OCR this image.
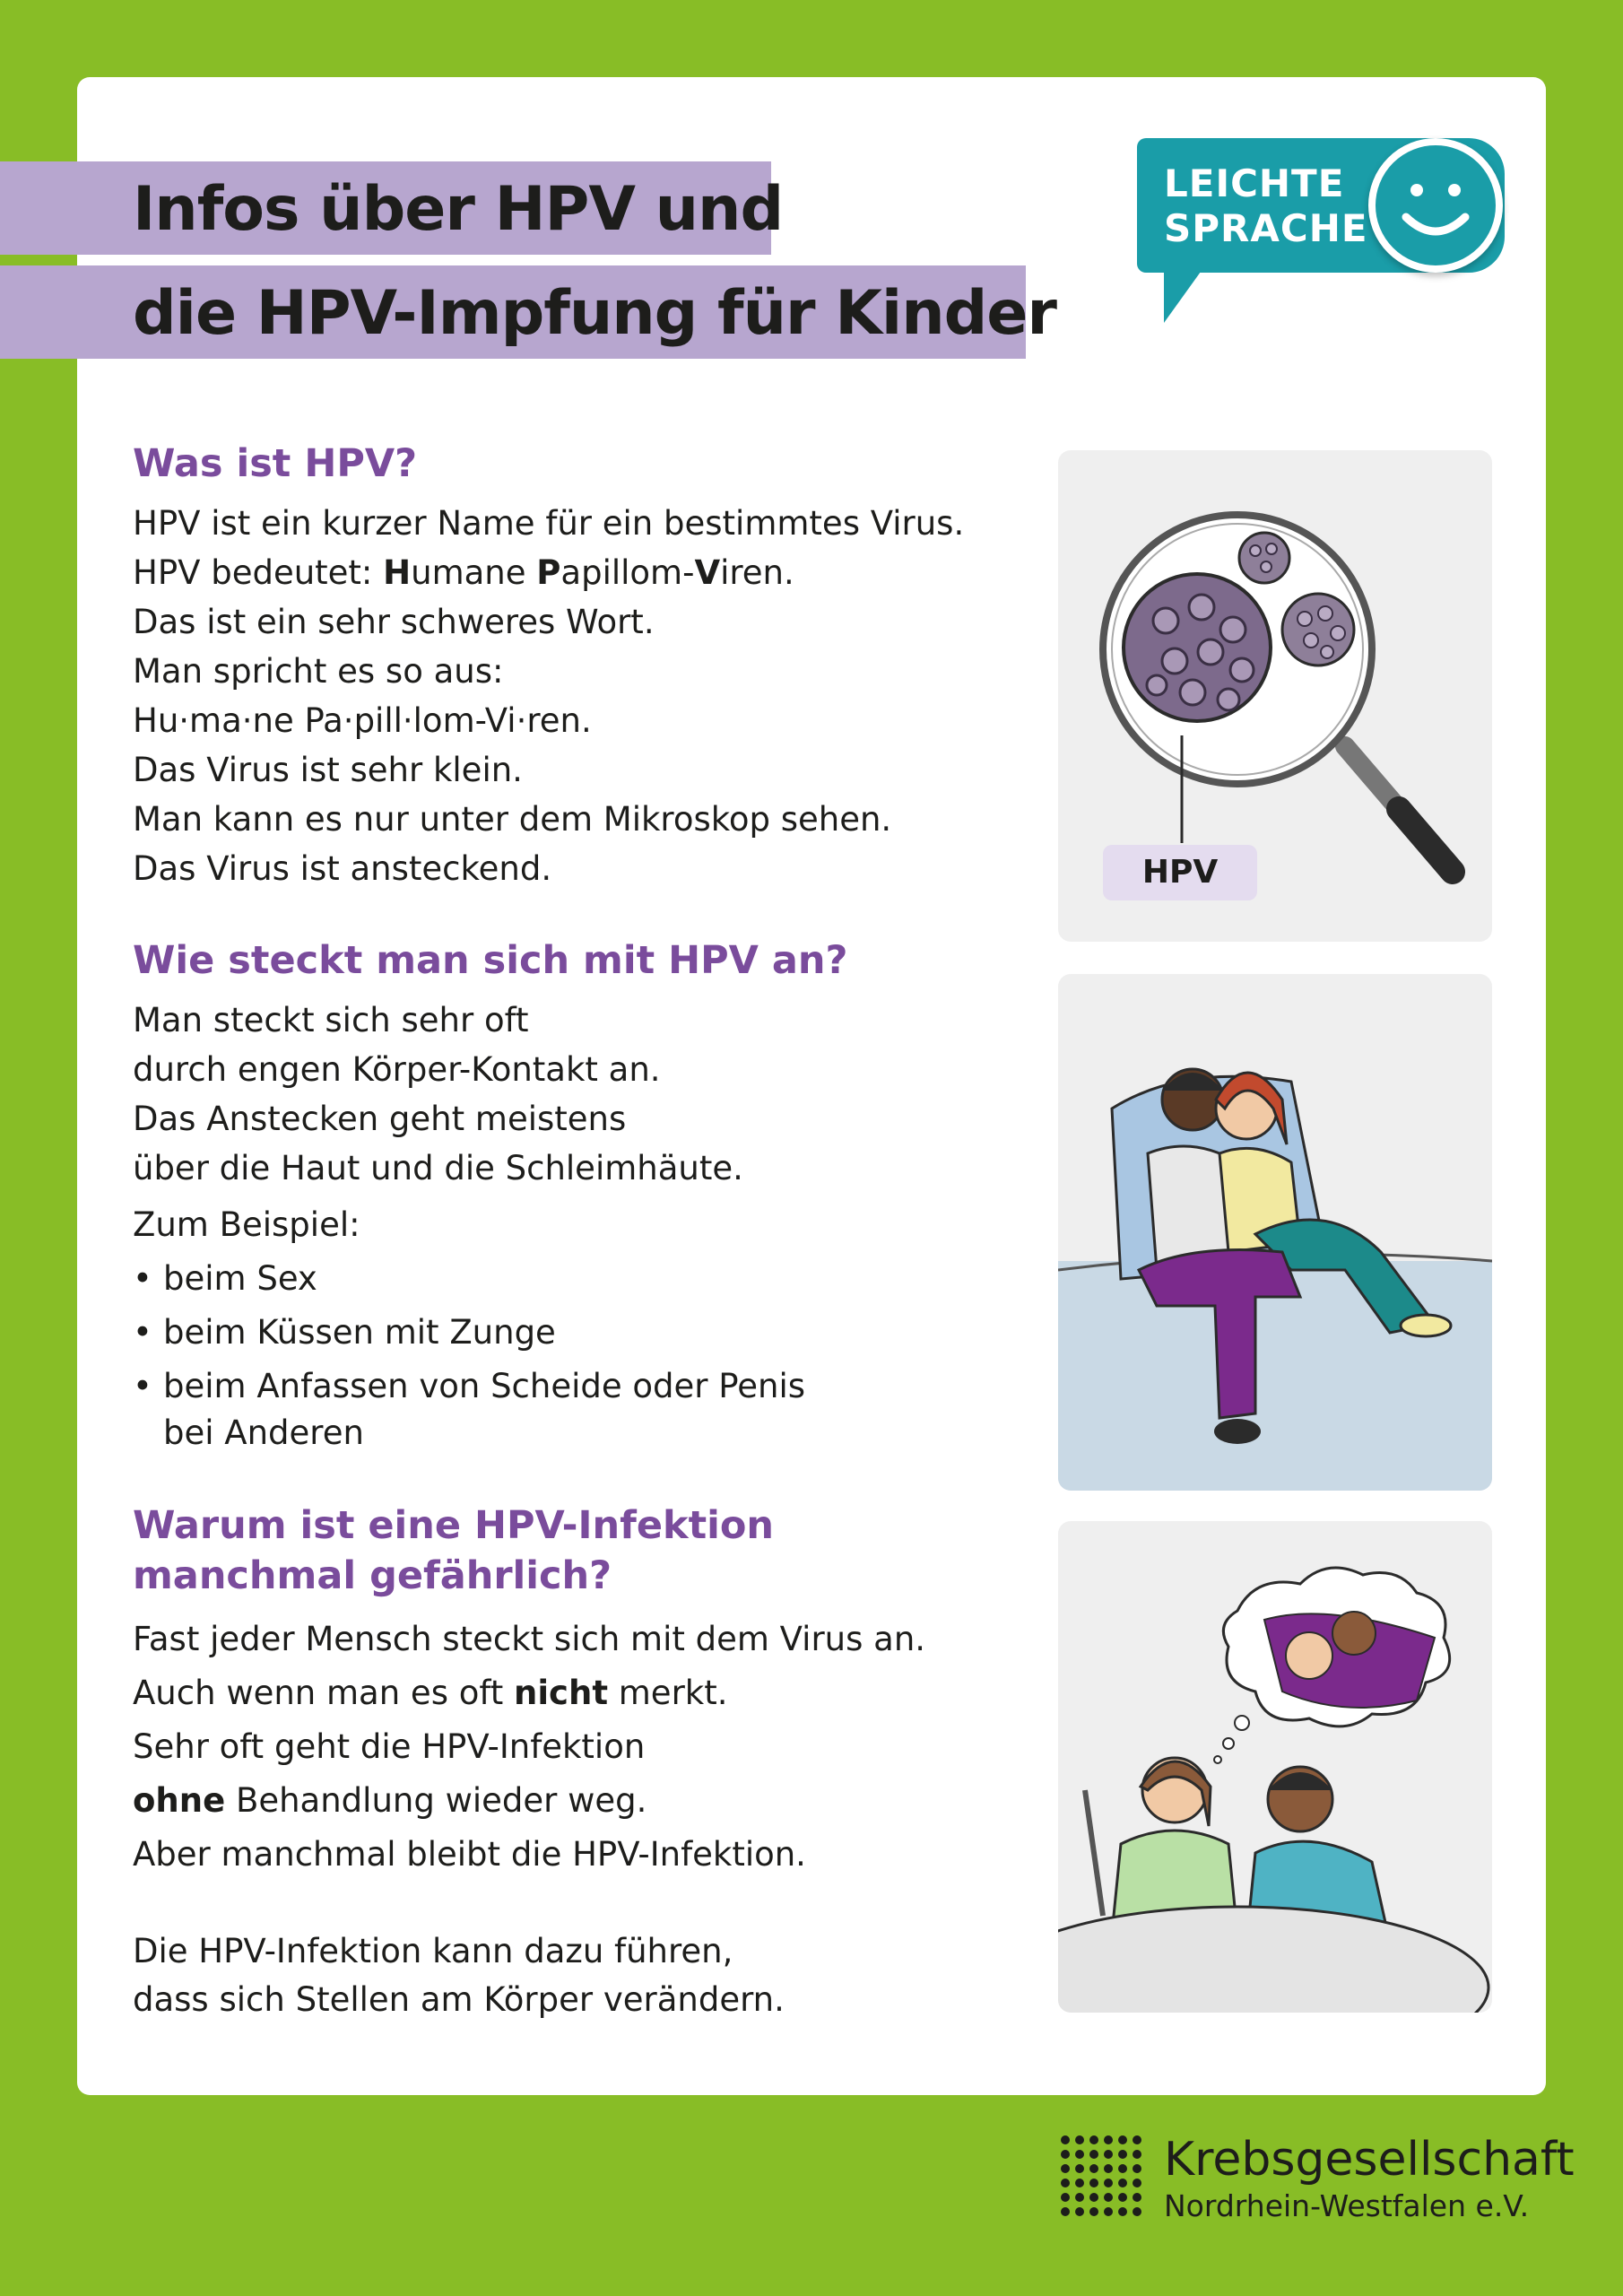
Infos über HPV und
die HPV-Impfung für Kinder
LEICHTE
SPRACHE
Was ist HPV?
HPV ist ein kurzer Name für ein bestimmtes Virus.
HPV bedeutet: Humane Papillom-Viren.
Das ist ein sehr schweres Wort.
Man spricht es so aus:
Hu·ma·ne Pa·pill·lom-Vi·ren.
Das Virus ist sehr klein.
Man kann es nur unter dem Mikroskop sehen.
Das Virus ist ansteckend.	HPV
Wie steckt man sich mit HPV an?
Man steckt sich sehr oft
durch engen Körper-Kontakt an.
Das Anstecken geht meistens
über die Haut und die Schleimhäute.
Zum Beispiel:
• beim Sex
• beim Küssen mit Zunge
• beim Anfassen von Scheide oder Penis
bei Anderen
Warum ist eine HPV-Infektion
manchmal gefährlich?
Fast jeder Mensch steckt sich mit dem Virus an.
Auch wenn man es oft nicht merkt.
Sehr oft geht die HPV-Infektion
ohne Behandlung wieder weg.
Aber manchmal bleibt die HPV-Infektion.
Die HPV-Infektion kann dazu führen,
dass sich Stellen am Körper verändern.
Krebsgesellschaft
Nordrhein-Westfalen e.V.
